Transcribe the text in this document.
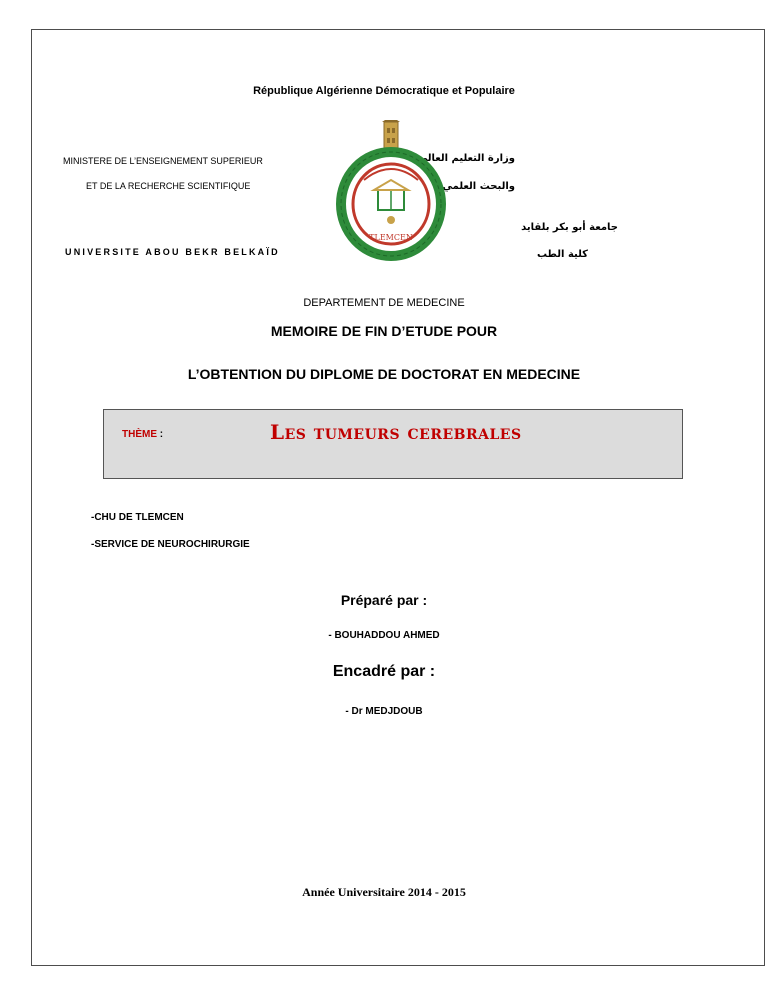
République Algérienne Démocratique et Populaire
MINISTERE DE L’ENSEIGNEMENT SUPERIEUR
ET DE LA RECHERCHE SCIENTIFIQUE
UNIVERSITE ABOU BEKR BELKAÏD
وزارة التعليم العالي
والبحث العلمي
جامعة أبو بكر بلقايد
كلية الطب
TLEMCEN
DEPARTEMENT DE MEDECINE
MEMOIRE DE FIN D’ETUDE POUR
L’OBTENTION DU DIPLOME DE DOCTORAT EN MEDECINE
THÈME :	Les tumeurs cerebrales
-CHU DE TLEMCEN
-SERVICE DE NEUROCHIRURGIE
Préparé par :
- BOUHADDOU AHMED
Encadré par :
- Dr MEDJDOUB
Année Universitaire 2014 - 2015
